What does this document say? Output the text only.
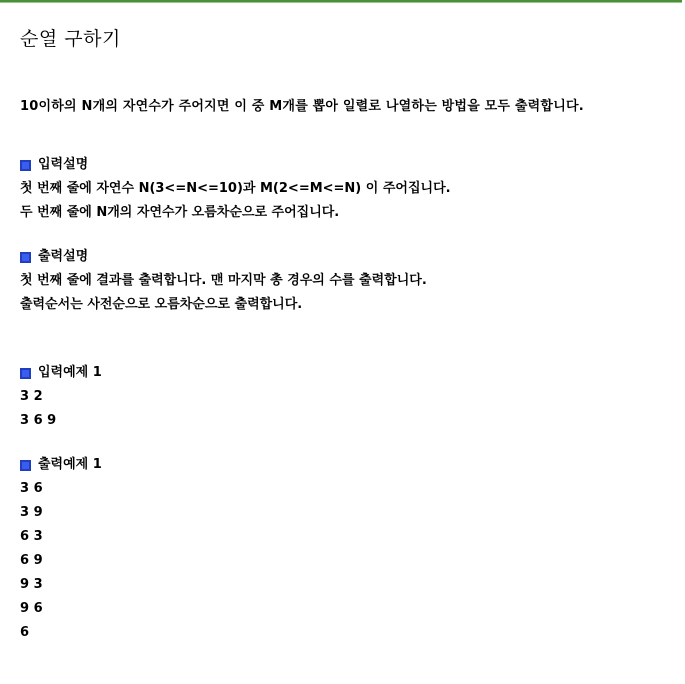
순열 구하기
10이하의 N개의 자연수가 주어지면 이 중 M개를 뽑아 일렬로 나열하는 방법을 모두 출력합니다.
입력설명
첫 번째 줄에 자연수 N(3<=N<=10)과 M(2<=M<=N) 이 주어집니다.
두 번째 줄에 N개의 자연수가 오름차순으로 주어집니다.
출력설명
첫 번째 줄에 결과를 출력합니다. 맨 마지막 총 경우의 수를 출력합니다.
출력순서는 사전순으로 오름차순으로 출력합니다.
입력예제 1
3 2
3 6 9
출력예제 1
3 6
3 9
6 3
6 9
9 3
9 6
6
